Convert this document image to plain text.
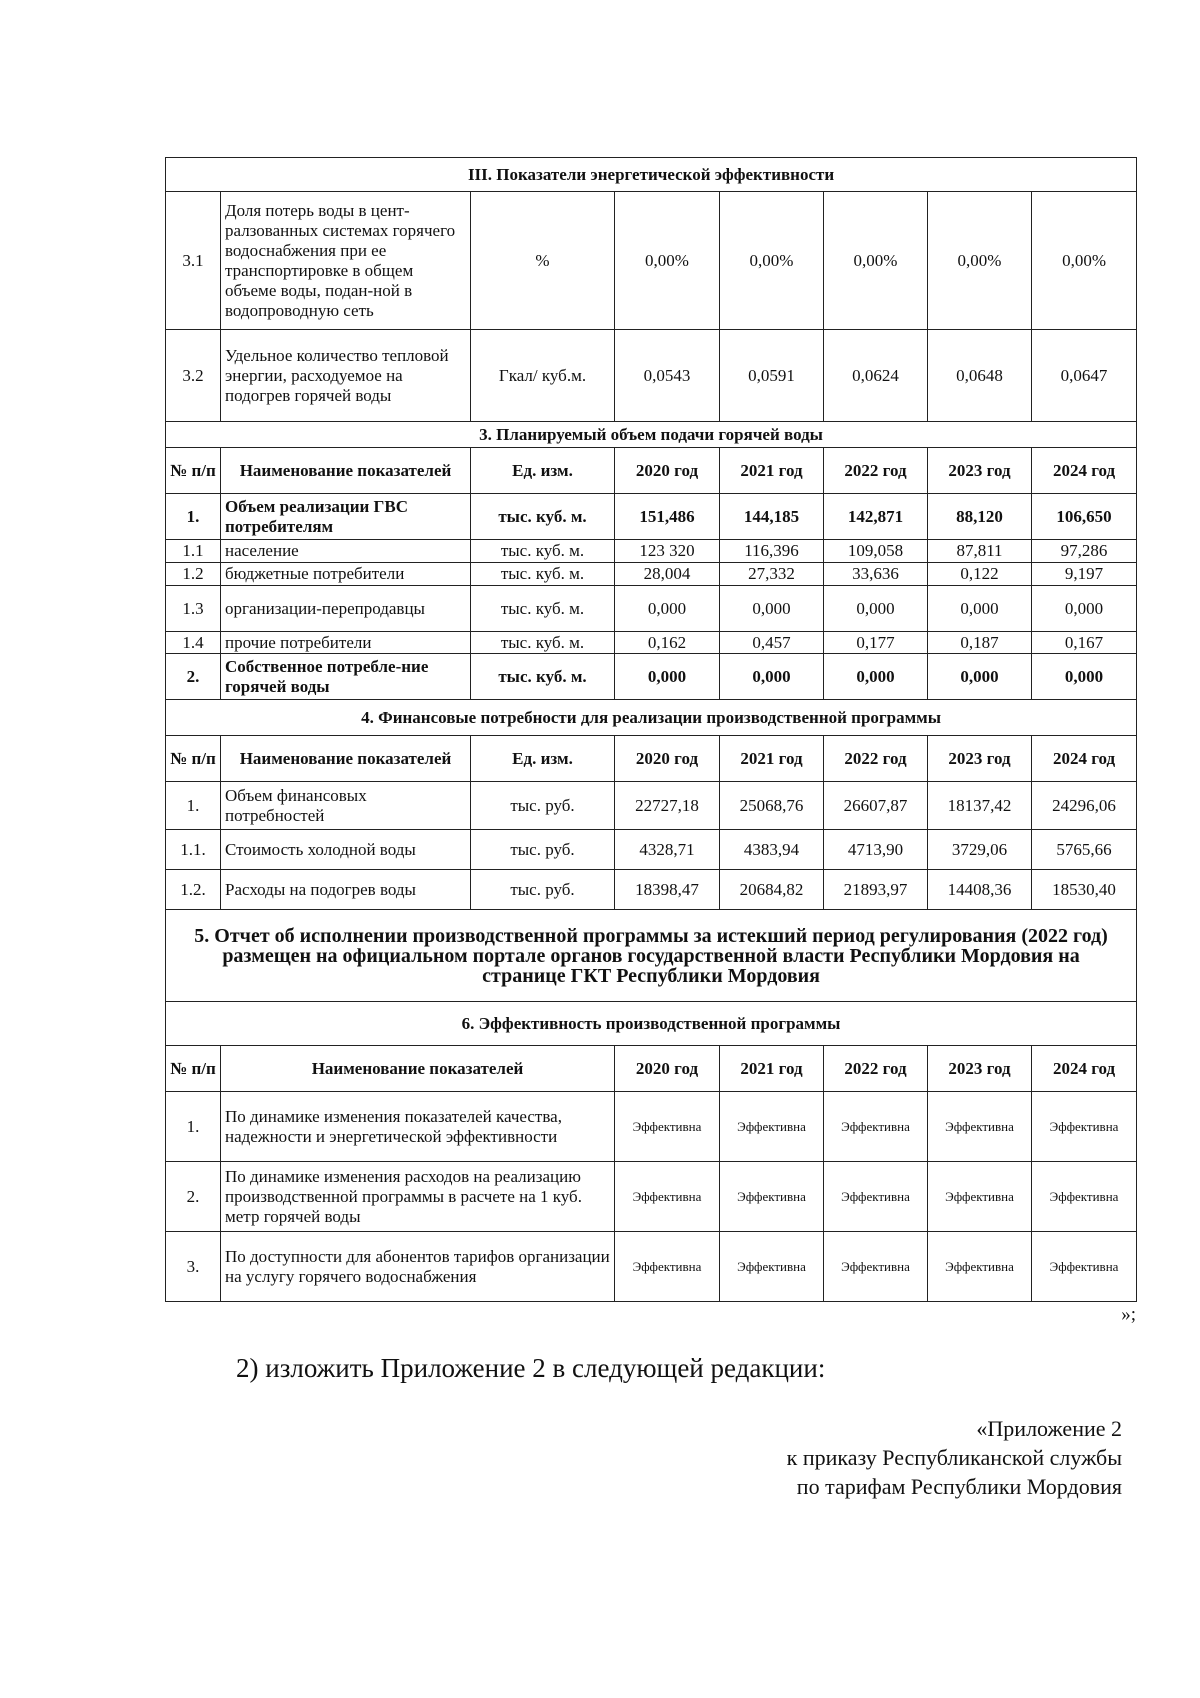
III. Показатели энергетической эффективности							
3.1	Доля потерь воды в цент-ралзованных системах горячего водоснабжения при ее транспортировке в общем объеме воды, подан-ной в водопроводную сеть	%	0,00%	0,00%	0,00%	0,00%	0,00%
3.2	Удельное количество тепловой энергии, расходуемое на подогрев горячей воды	Гкал/ куб.м.	0,0543	0,0591	0,0624	0,0648	0,0647
3. Планируемый объем подачи горячей воды							
№ п/п	Наименование показателей	Ед. изм.	2020 год	2021 год	2022 год	2023 год	2024 год
1.	Объем реализации ГВС потребителям	тыс. куб. м.	151,486	144,185	142,871	88,120	106,650
1.1	население	тыс. куб. м.	123 320	116,396	109,058	87,811	97,286
1.2	бюджетные потребители	тыс. куб. м.	28,004	27,332	33,636	0,122	9,197
1.3	организации-перепродавцы	тыс. куб. м.	0,000	0,000	0,000	0,000	0,000
1.4	прочие потребители	тыс. куб. м.	0,162	0,457	0,177	0,187	0,167
2.	Собственное потребле-ние горячей воды	тыс. куб. м.	0,000	0,000	0,000	0,000	0,000
4. Финансовые потребности для реализации производственной программы							
№ п/п	Наименование показателей	Ед. изм.	2020 год	2021 год	2022 год	2023 год	2024 год
1.	Объем финансовых потребностей	тыс. руб.	22727,18	25068,76	26607,87	18137,42	24296,06
1.1.	Стоимость холодной воды	тыс. руб.	4328,71	4383,94	4713,90	3729,06	5765,66
1.2.	Расходы на подогрев воды	тыс. руб.	18398,47	20684,82	21893,97	14408,36	18530,40
5. Отчет об исполнении производственной программы за истекший период регулирования (2022 год) размещен на официальном портале органов государственной власти Республики Мордовия на странице ГКТ Республики Мордовия							
6. Эффективность производственной программы							
№ п/п	Наименование показателей		2020 год	2021 год	2022 год	2023 год	2024 год
1.	По динамике изменения показателей качества, надежности и энергетической эффективности		Эффективна	Эффективна	Эффективна	Эффективна	Эффективна
2.	По динамике изменения расходов на реализацию производственной программы в расчете на 1 куб. метр горячей воды		Эффективна	Эффективна	Эффективна	Эффективна	Эффективна
3.	По доступности для абонентов тарифов организации на услугу горячего водоснабжения		Эффективна	Эффективна	Эффективна	Эффективна	Эффективна
»;
2) изложить Приложение 2 в следующей редакции:
«Приложение 2
к приказу Республиканской службы
по тарифам Республики Мордовия
